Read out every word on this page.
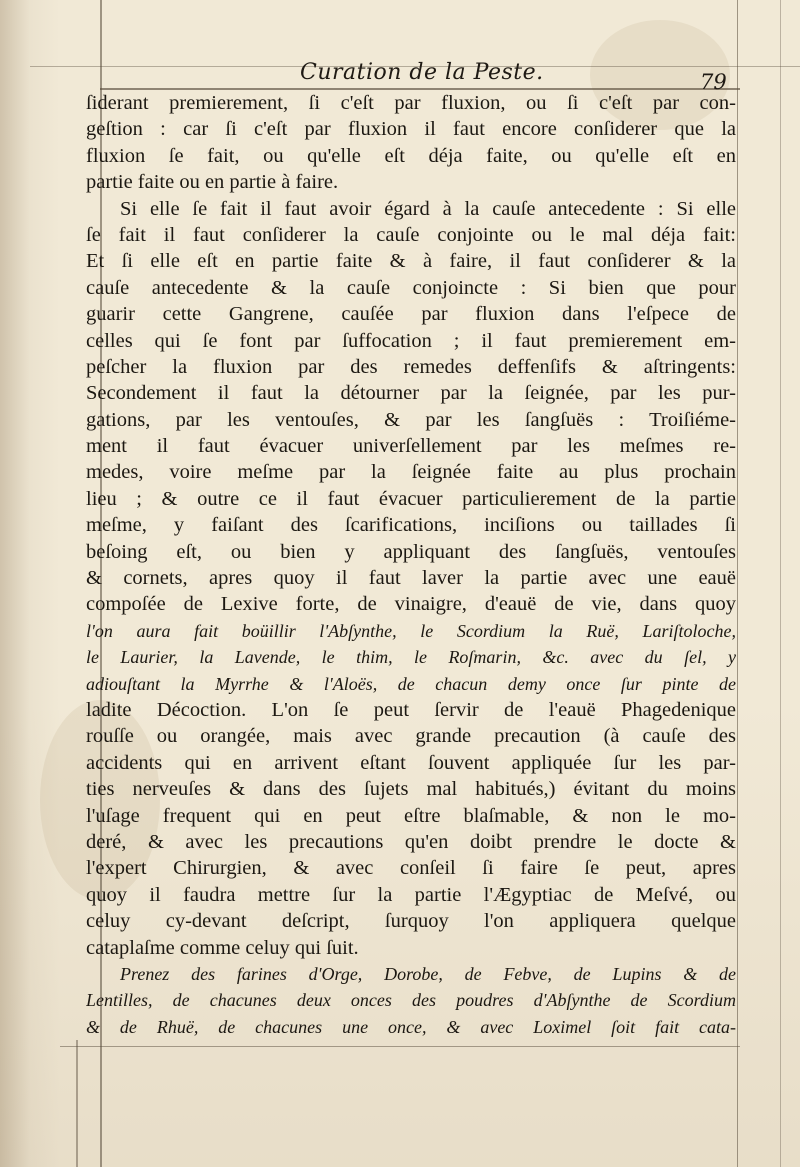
Curation de la Peste.	79
ſiderant premierement, ſi c'eſt par fluxion, ou ſi c'eſt par con-
geſtion : car ſi c'eſt par fluxion il faut encore conſiderer que la
fluxion ſe fait, ou qu'elle eſt déja faite, ou qu'elle eſt en
partie faite ou en partie à faire.
Si elle ſe fait il faut avoir égard à la cauſe antecedente : Si elle
ſe fait il faut conſiderer la cauſe conjointe ou le mal déja fait:
Et ſi elle eſt en partie faite & à faire, il faut conſiderer & la
cauſe antecedente & la cauſe conjoincte : Si bien que pour
guarir cette Gangrene, cauſée par fluxion dans l'eſpece de
celles qui ſe font par ſuffocation ; il faut premierement em-
peſcher la fluxion par des remedes deffenſifs & aſtringents:
Secondement il faut la détourner par la ſeignée, par les pur-
gations, par les ventouſes, & par les ſangſuës : Troiſiéme-
ment il faut évacuer univerſellement par les meſmes re-
medes, voire meſme par la ſeignée faite au plus prochain
lieu ; & outre ce il faut évacuer particulierement de la partie
meſme, y faiſant des ſcarifications, inciſions ou taillades ſi
beſoing eſt, ou bien y appliquant des ſangſuës, ventouſes
& cornets, apres quoy il faut laver la partie avec une eauë
compoſée de Lexive forte, de vinaigre, d'eauë de vie, dans quoy
l'on aura fait boüillir l'Abſynthe, le Scordium la Ruë, Lariſtoloche,
le Laurier, la Lavende, le thim, le Roſmarin, &c. avec du ſel, y
adiouſtant la Myrrhe & l'Aloës, de chacun demy once ſur pinte de
ladite Décoction. L'on ſe peut ſervir de l'eauë Phagedenique
rouſſe ou orangée, mais avec grande precaution (à cauſe des
accidents qui en arrivent eſtant ſouvent appliquée ſur les par-
ties nerveuſes & dans des ſujets mal habitués,) évitant du moins
l'uſage frequent qui en peut eſtre blaſmable, & non le mo-
deré, & avec les precautions qu'en doibt prendre le docte &
l'expert Chirurgien, & avec conſeil ſi faire ſe peut, apres
quoy il faudra mettre ſur la partie l'Ægyptiac de Meſvé, ou
celuy cy-devant deſcript, ſurquoy l'on appliquera quelque
cataplaſme comme celuy qui ſuit.
Prenez des farines d'Orge, Dorobe, de Febve, de Lupins & de
Lentilles, de chacunes deux onces des poudres d'Abſynthe de Scordium
& de Rhuë, de chacunes une once, & avec Loximel ſoit fait cata-
